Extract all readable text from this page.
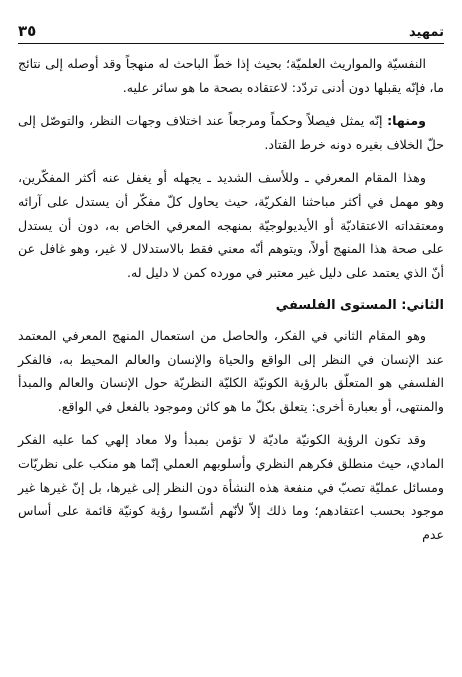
٣٥	تمهيد

النفسيّة والمواريث العلميّة؛ بحيث إذا خطّ الباحث له منهجاً وقد أوصله إلى نتائج ما، فإنّه يقبلها دون أدنى تردّد: لاعتقاده بصحة ما هو سائر عليه.

ومنها: إنّه يمثل فيصلاً وحكماً ومرجعاً عند اختلاف وجهات النظر، والتوصّل إلى حلّ الخلاف بغيره دونه خرط القتاد.

وهذا المقام المعرفي ـ وللأسف الشديد ـ يجهله أو يغفل عنه أكثر المفكّرين، وهو مهمل في أكثر مباحثنا الفكريّة، حيث يحاول كلّ مفكّر أن يستدل على آرائه ومعتقداته الاعتقاديّة أو الأيديولوجيّة بمنهجه المعرفي الخاص به، دون أن يستدل على صحة هذا المنهج أولاً، ويتوهم أنّه معني فقط بالاستدلال لا غير، وهو غافل عن أنّ الذي يعتمد على دليل غير معتبر في مورده كمن لا دليل له.

الثاني: المستوى الفلسفي

وهو المقام الثاني في الفكر، والحاصل من استعمال المنهج المعرفي المعتمد عند الإنسان في النظر إلى الواقع والحياة والإنسان والعالم المحيط به، فالفكر الفلسفي هو المتعلّق بالرؤية الكونيّة الكليّة النظريّة حول الإنسان والعالم والمبدأ والمنتهى، أو بعبارة أخرى: يتعلق بكلّ ما هو كائن وموجود بالفعل في الواقع.

وقد تكون الرؤية الكونيّة ماديّة لا تؤمن بمبدأ ولا معاد إلهي كما عليه الفكر المادي، حيث منطلق فكرهم النظري وأسلوبهم العملي إنّما هو منكب على نظريّات ومسائل عمليّة تصبّ في منفعة هذه النشأة دون النظر إلى غيرها، بل إنّ غيرها غير موجود بحسب اعتقادهم؛ وما ذلك إلاّ لأنّهم أسّسوا رؤية كونيّة قائمة على أساس عدم
